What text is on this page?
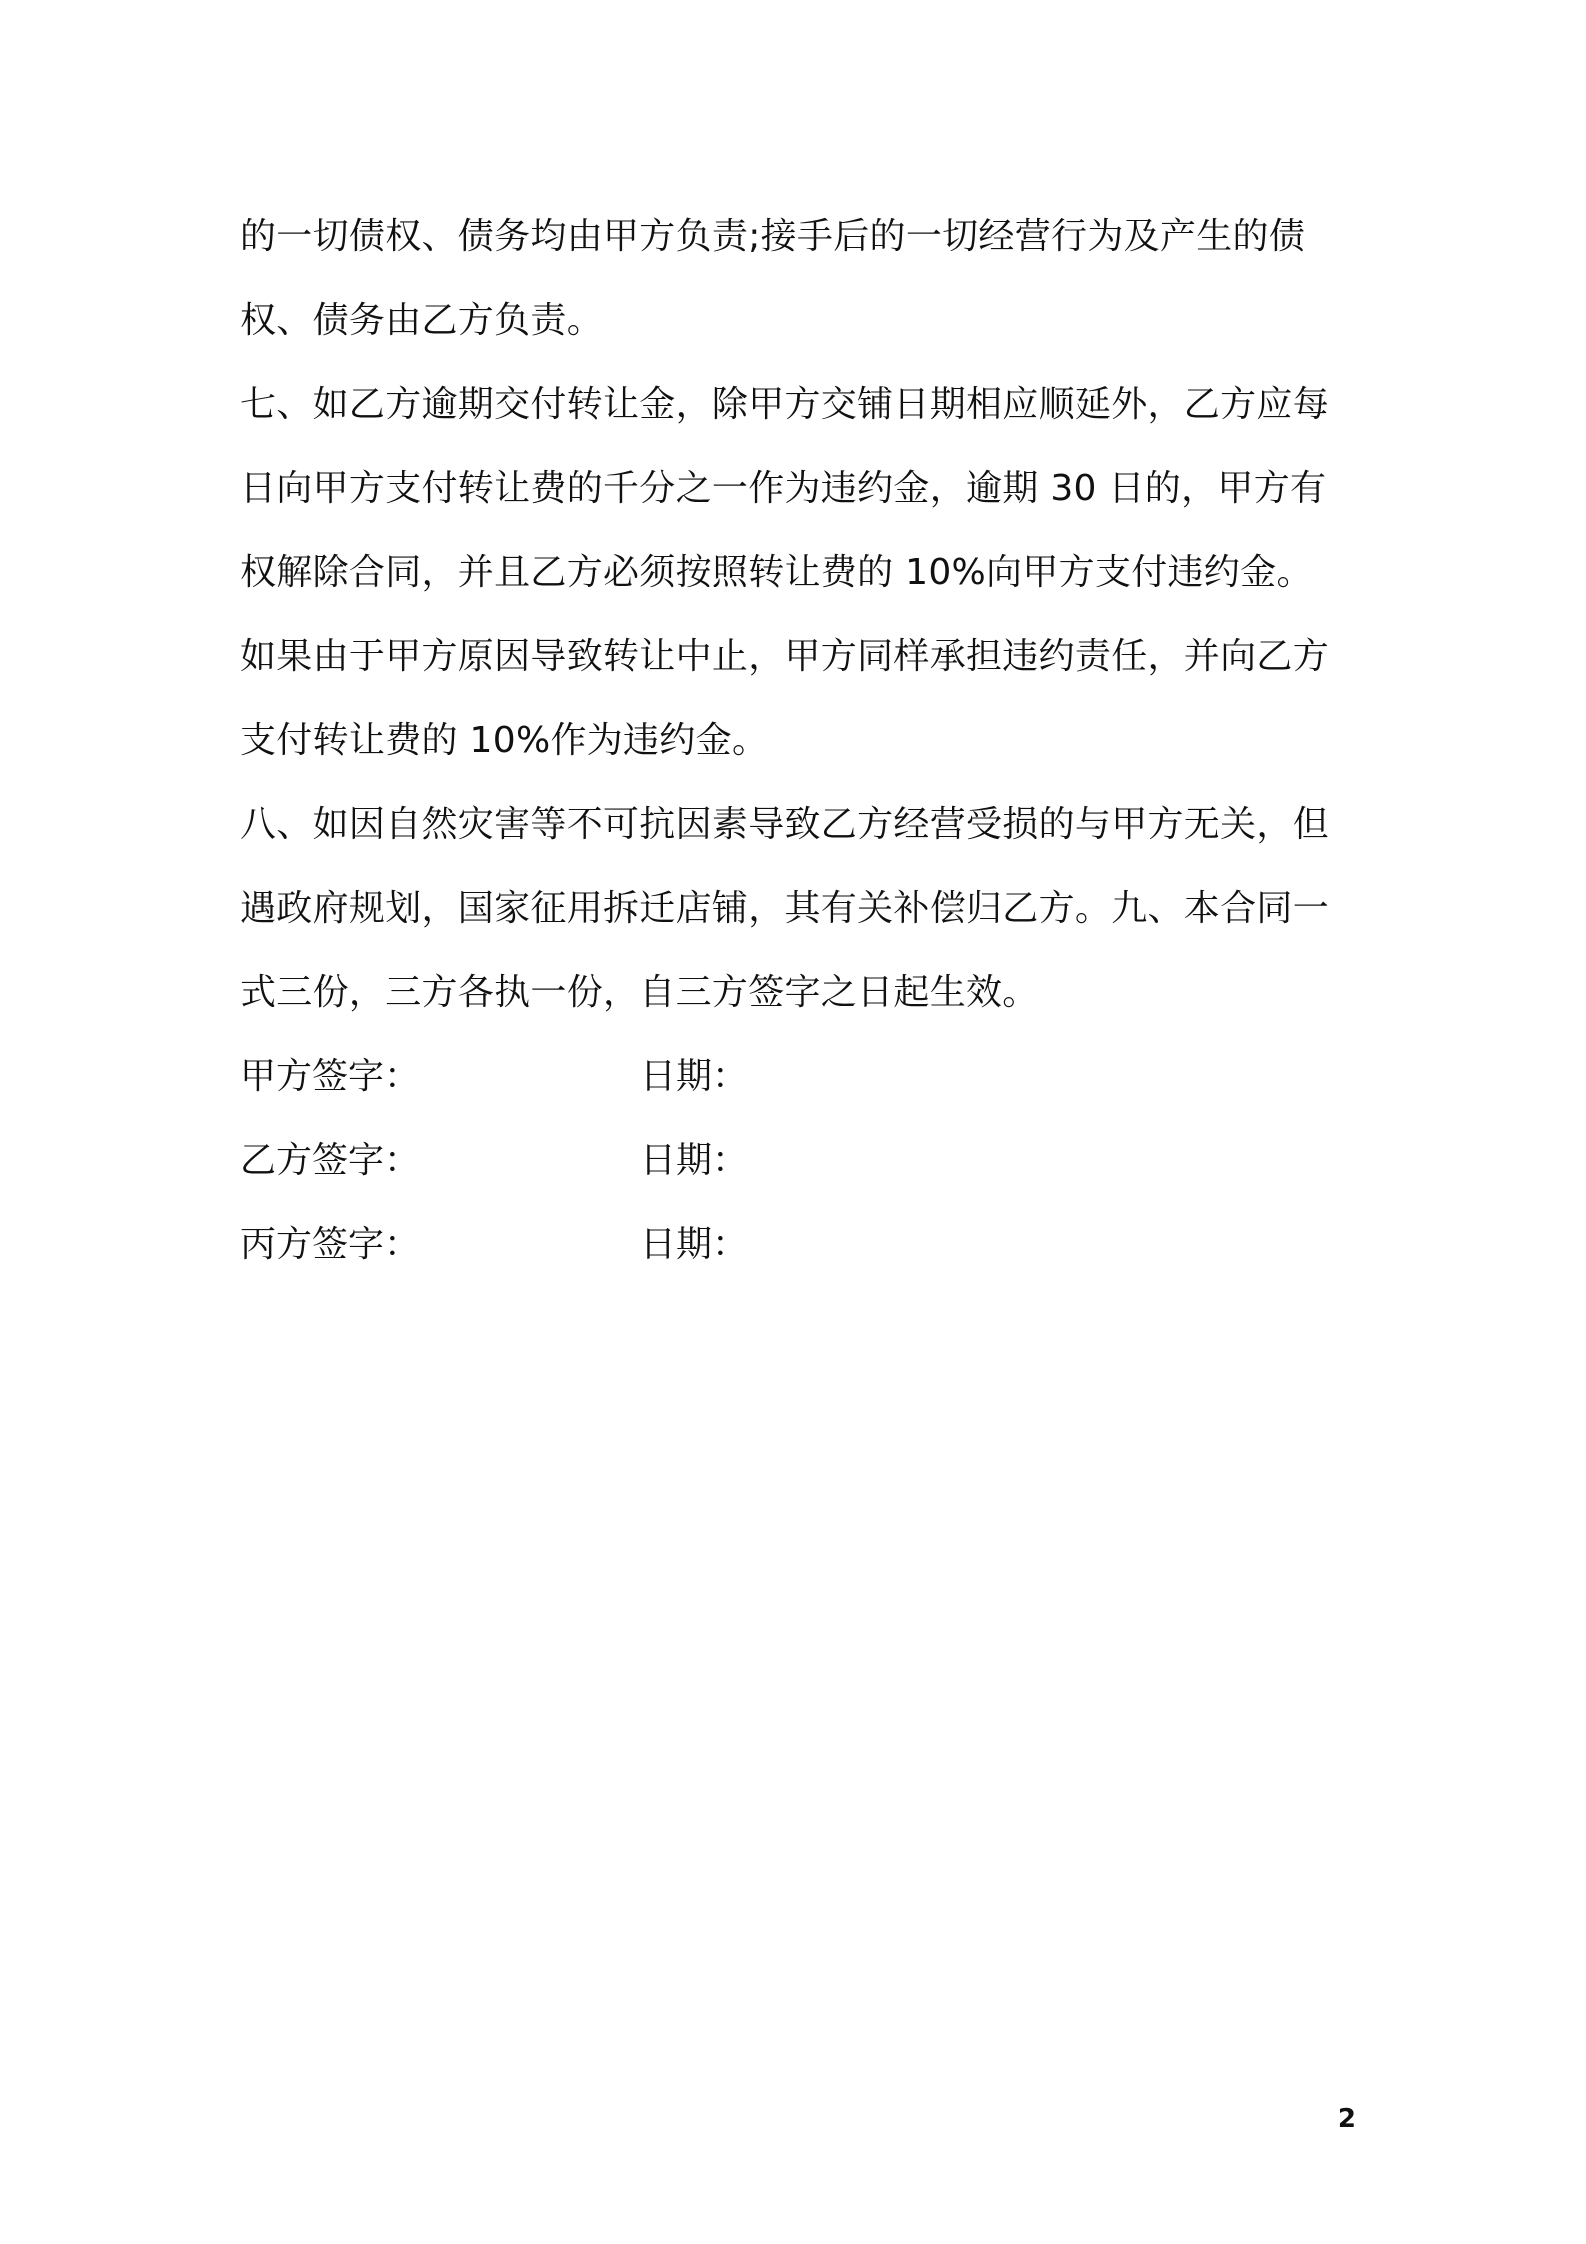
的一切债权、债务均由甲方负责;接手后的一切经营行为及产生的债
权、债务由乙方负责。
七、如乙方逾期交付转让金，除甲方交铺日期相应顺延外，乙方应每
日向甲方支付转让费的千分之一作为违约金，逾期 30 日的，甲方有
权解除合同，并且乙方必须按照转让费的 10%向甲方支付违约金。
如果由于甲方原因导致转让中止，甲方同样承担违约责任，并向乙方
支付转让费的 10%作为违约金。
八、如因自然灾害等不可抗因素导致乙方经营受损的与甲方无关，但
遇政府规划，国家征用拆迁店铺，其有关补偿归乙方。九、本合同一
式三份，三方各执一份，自三方签字之日起生效。
甲方签字：	日期：
乙方签字：	日期：
丙方签字：	日期：
2
